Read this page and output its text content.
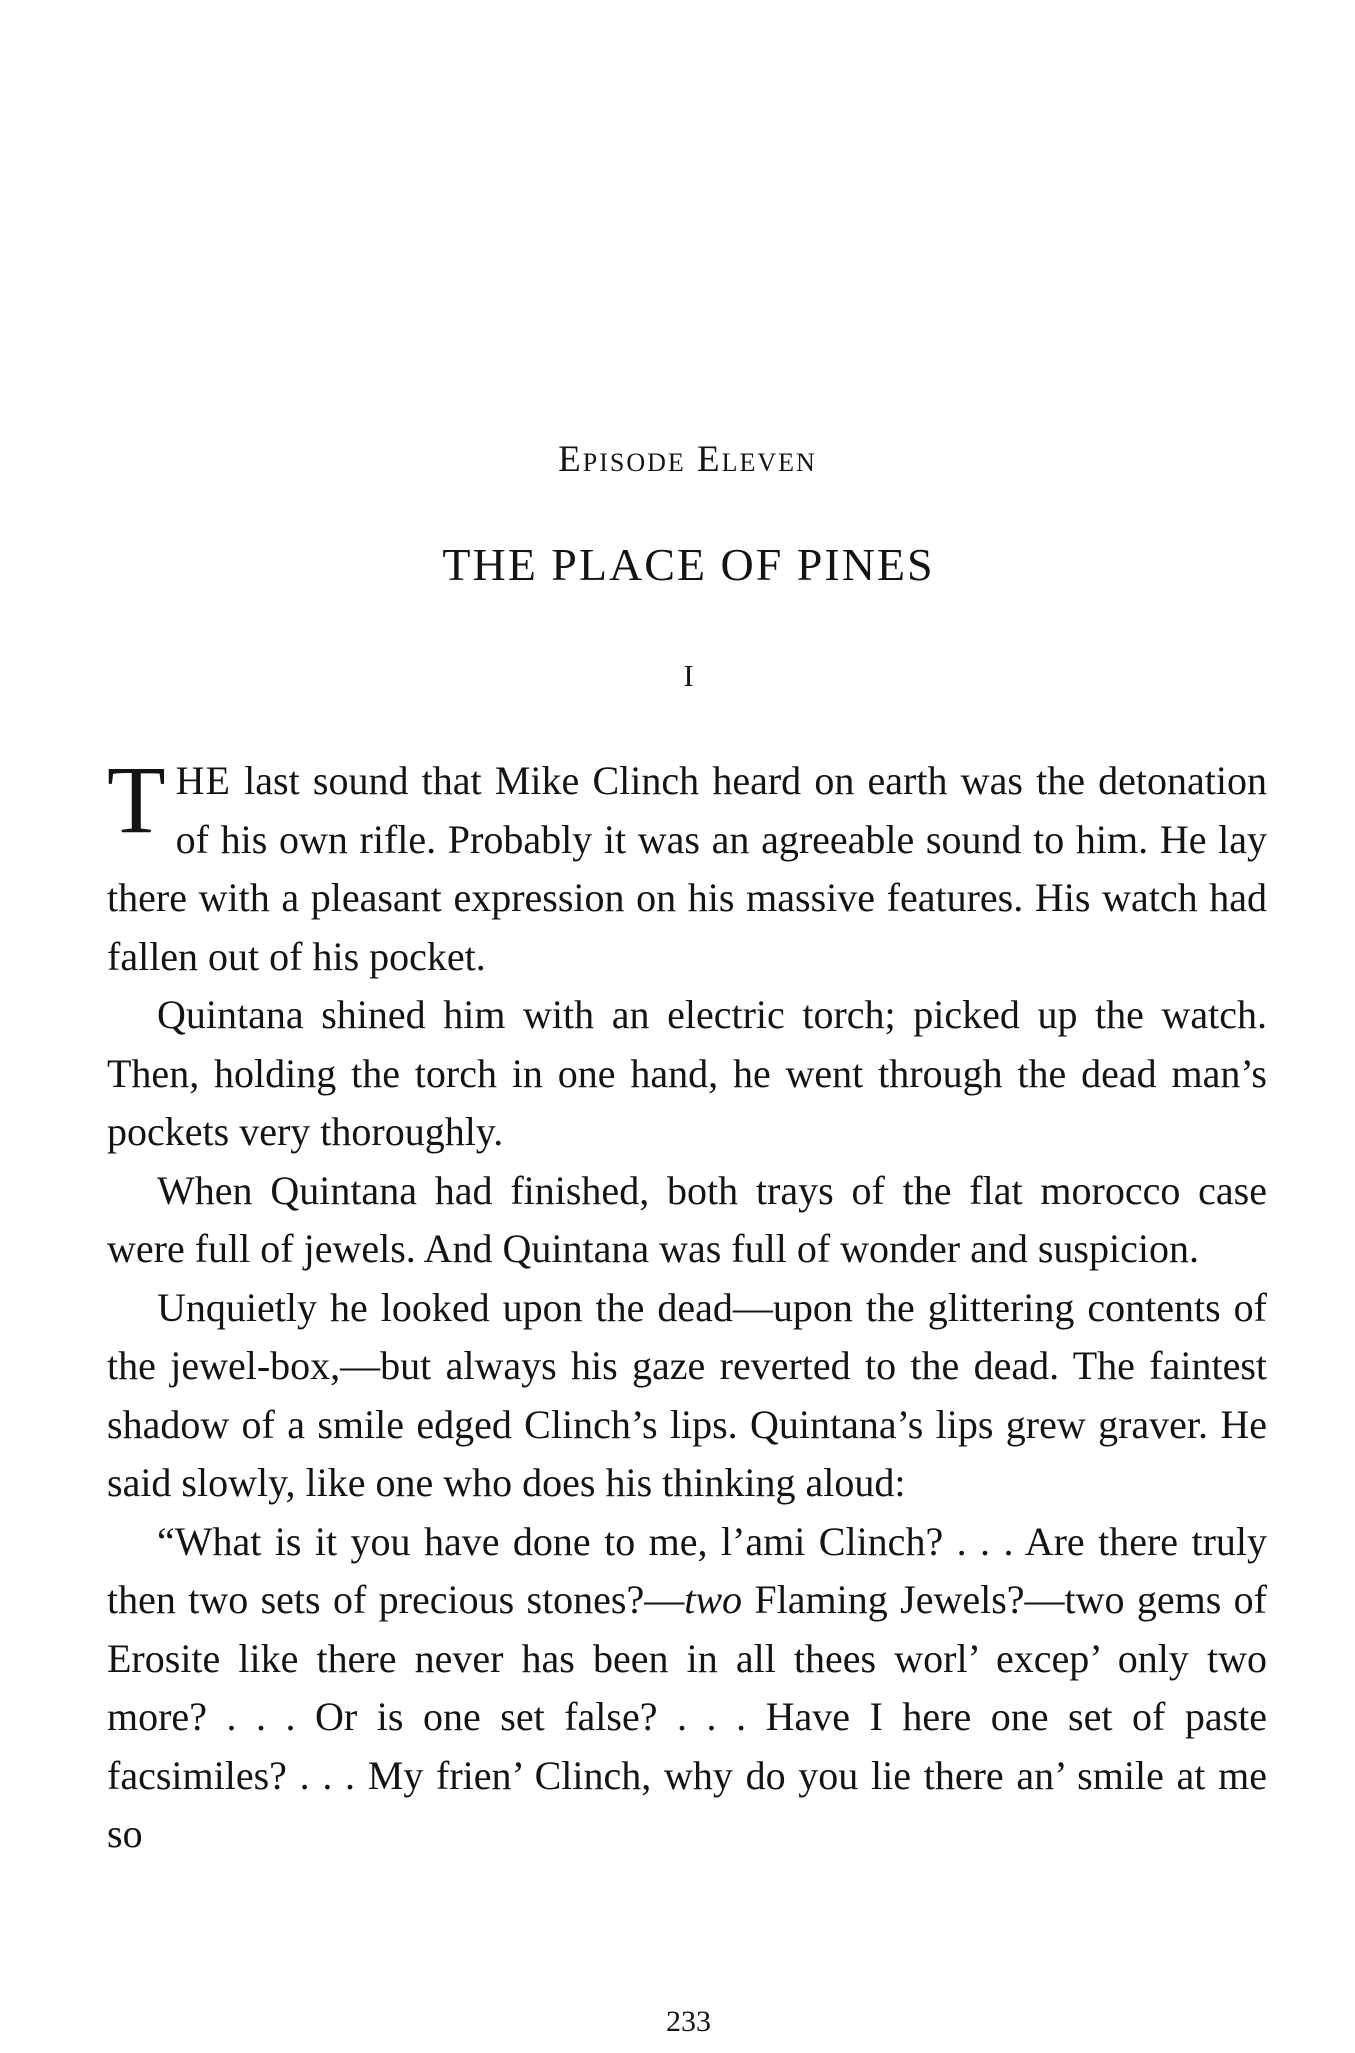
Episode Eleven
THE PLACE OF PINES
I

THE last sound that Mike Clinch heard on earth was the detonation of his own rifle. Probably it was an agreeable sound to him. He lay there with a pleasant expression on his massive features. His watch had fallen out of his pocket.

Quintana shined him with an electric torch; picked up the watch. Then, holding the torch in one hand, he went through the dead man’s pockets very thoroughly.

When Quintana had finished, both trays of the flat morocco case were full of jewels. And Quintana was full of wonder and suspicion.

Unquietly he looked upon the dead—upon the glittering contents of the jewel-box,—but always his gaze reverted to the dead. The faintest shadow of a smile edged Clinch’s lips. Quintana’s lips grew graver. He said slowly, like one who does his thinking aloud:

“What is it you have done to me, l’ami Clinch? . . . Are there truly then two sets of precious stones?—two Flaming Jewels?—two gems of Erosite like there never has been in all thees worl’ excep’ only two more? . . . Or is one set false? . . . Have I here one set of paste facsimiles? . . . My frien’ Clinch, why do you lie there an’ smile at me so

233
